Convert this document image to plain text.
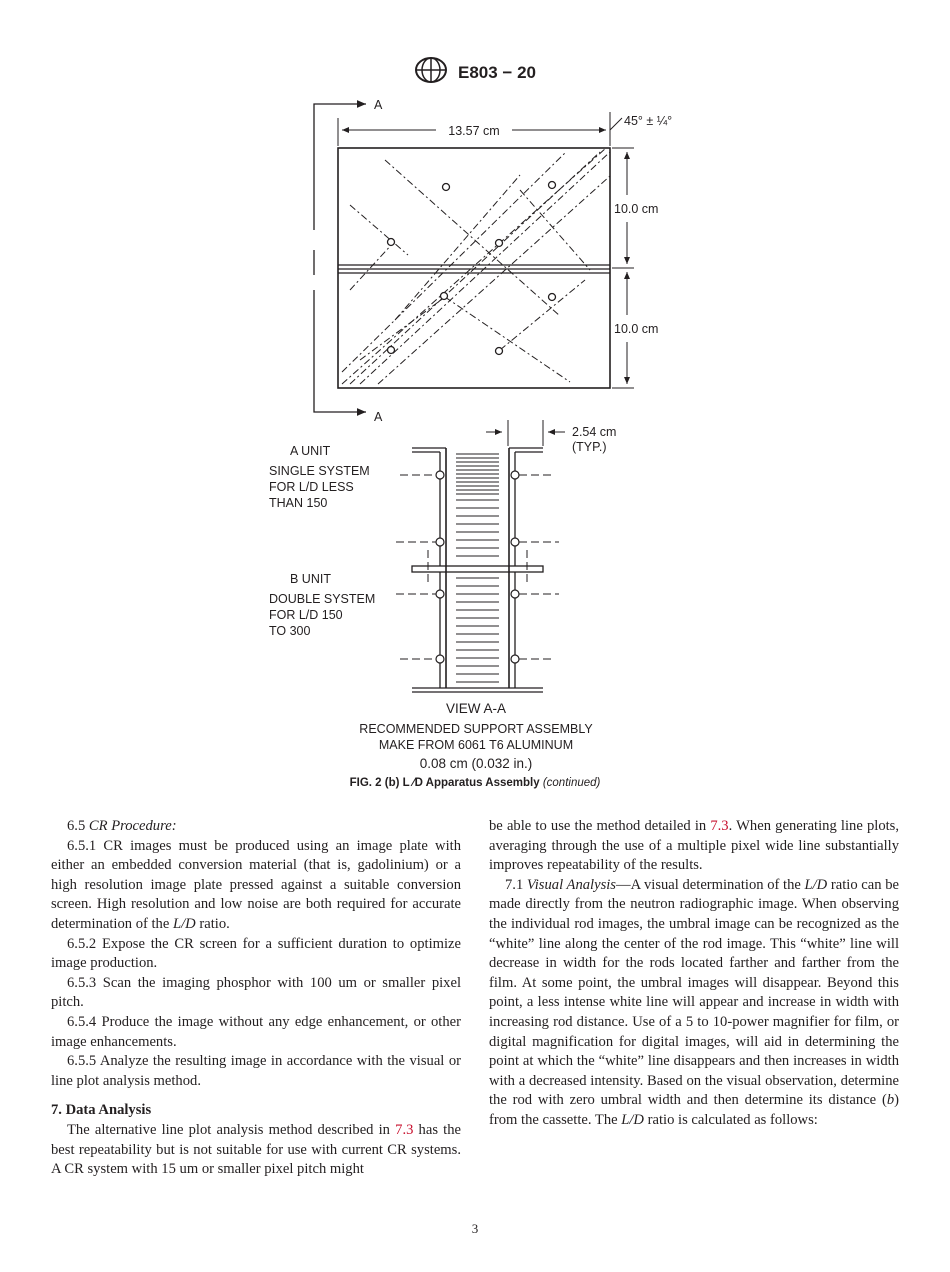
E803 − 20
A
A
13.57 cm
45° ± ¼°
10.0 cm
10.0 cm
2.54 cm
(TYP.)
A UNIT
SINGLE SYSTEM
FOR L/D LESS
THAN 150
B UNIT
DOUBLE SYSTEM
FOR L/D 150
TO 300
VIEW A-A
RECOMMENDED SUPPORT ASSEMBLY
MAKE FROM 6061 T6 ALUMINUM
0.08 cm (0.032 in.)
FIG. 2 (b) L ⁄D Apparatus Assembly (continued)

6.5 CR Procedure:

6.5.1 CR images must be produced using an image plate with either an embedded conversion material (that is, gadolinium) or a high resolution image plate pressed against a suitable conversion screen. High resolution and low noise are both required for accurate determination of the L/D ratio.

6.5.2 Expose the CR screen for a sufficient duration to optimize image production.

6.5.3 Scan the imaging phosphor with 100 um or smaller pixel pitch.

6.5.4 Produce the image without any edge enhancement, or other image enhancements.

6.5.5 Analyze the resulting image in accordance with the visual or line plot analysis method.

7. Data Analysis

The alternative line plot analysis method described in 7.3 has the best repeatability but is not suitable for use with current CR systems. A CR system with 15 um or smaller pixel pitch might

be able to use the method detailed in 7.3. When generating line plots, averaging through the use of a multiple pixel wide line substantially improves repeatability of the results.

7.1 Visual Analysis—A visual determination of the L/D ratio can be made directly from the neutron radiographic image. When observing the individual rod images, the umbral image can be recognized as the “white” line along the center of the rod image. This “white” line will decrease in width for the rods located farther and farther from the film. At some point, the umbral images will disappear. Beyond this point, a less intense white line will appear and increase in width with increasing rod distance. Use of a 5 to 10-power magnifier for film, or digital magnification for digital images, will aid in determining the point at which the “white” line disappears and then increases in width with a decreased intensity. Based on the visual observation, determine the rod with zero umbral width and then determine its distance (b) from the cassette. The L/D ratio is calculated as follows:

3
